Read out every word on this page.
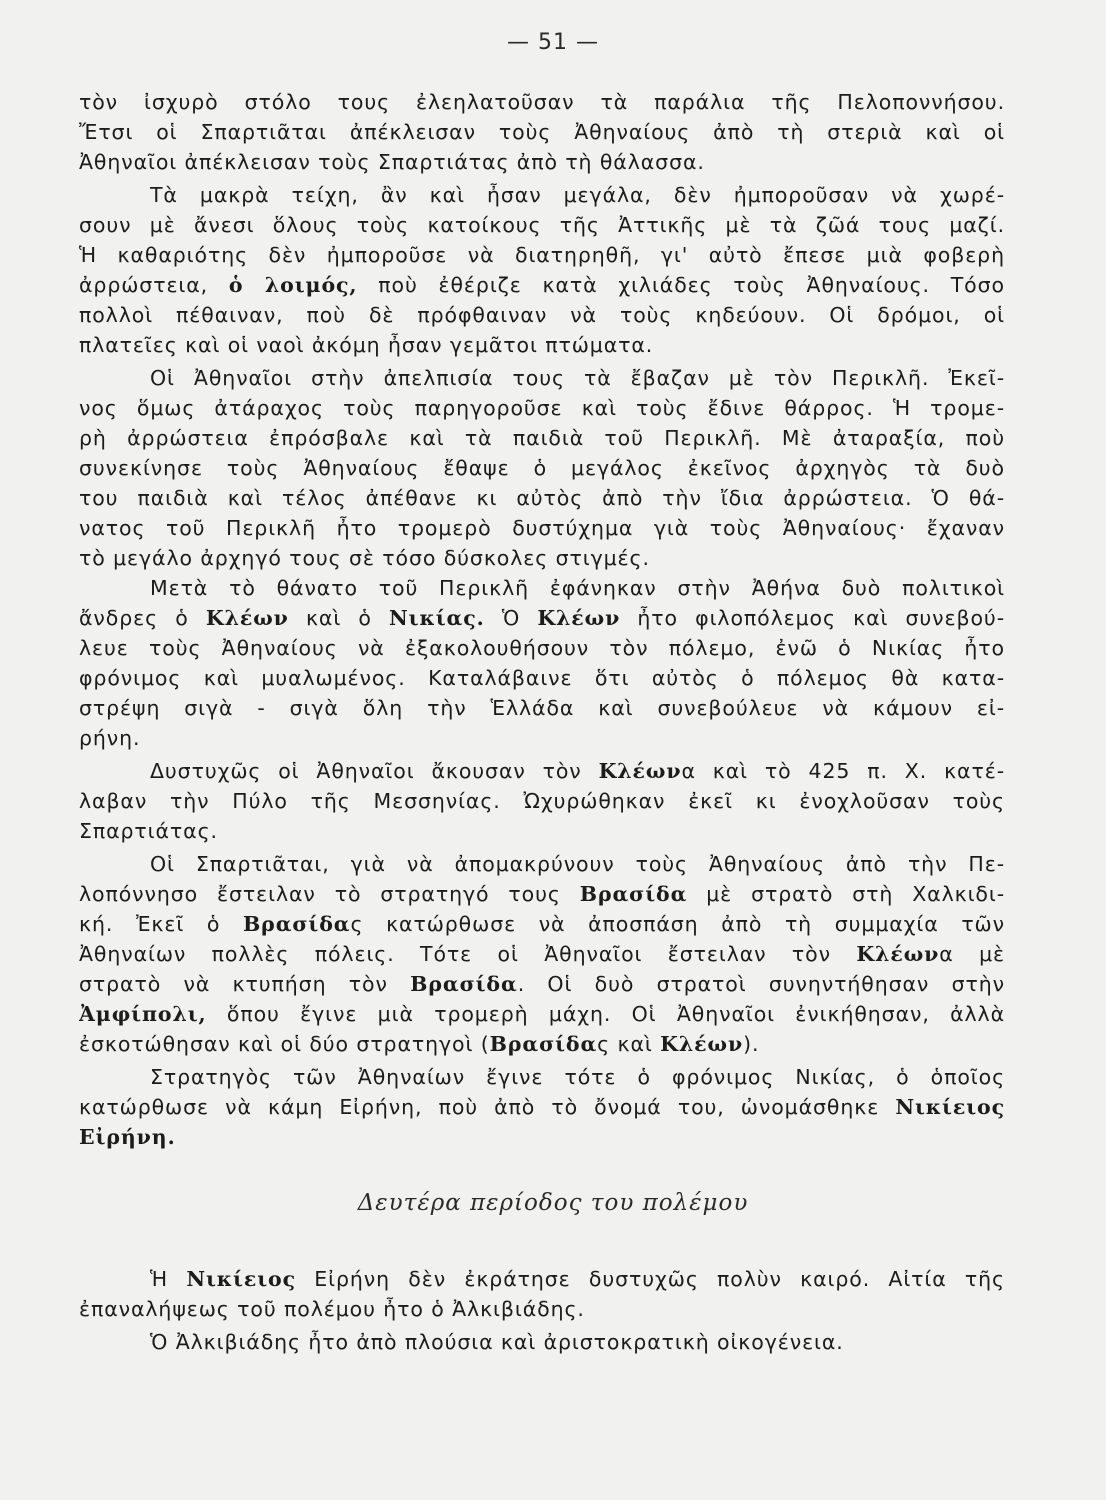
— 51 —
τὸν ἰσχυρὸ στόλο τους ἐλεηλατοῦσαν τὰ παράλια τῆς Πελοποννήσου.
Ἔτσι οἱ Σπαρτιᾶται ἀπέκλεισαν τοὺς Ἀθηναίους ἀπὸ τὴ στεριὰ καὶ οἱ
Ἀθηναῖοι ἀπέκλεισαν τοὺς Σπαρτιάτας ἀπὸ τὴ θάλασσα.
Τὰ μακρὰ τείχη, ἂν καὶ ἦσαν μεγάλα, δὲν ἠμποροῦσαν νὰ χωρέ-
σουν μὲ ἄνεσι ὅλους τοὺς κατοίκους τῆς Ἀττικῆς μὲ τὰ ζῶά τους μαζί.
Ἡ καθαριότης δὲν ἠμποροῦσε νὰ διατηρηθῆ, γι' αὐτὸ ἔπεσε μιὰ φοβερὴ
ἀρρώστεια, ὁ λοιμός, ποὺ ἐθέριζε κατὰ χιλιάδες τοὺς Ἀθηναίους. Τόσο
πολλοὶ πέθαιναν, ποὺ δὲ πρόφθαιναν νὰ τοὺς κηδεύουν. Οἱ δρόμοι, οἱ
πλατεῖες καὶ οἱ ναοὶ ἀκόμη ἦσαν γεμᾶτοι πτώματα.
Οἱ Ἀθηναῖοι στὴν ἀπελπισία τους τὰ ἔβαζαν μὲ τὸν Περικλῆ. Ἐκεῖ-
νος ὅμως ἀτάραχος τοὺς παρηγοροῦσε καὶ τοὺς ἔδινε θάρρος. Ἡ τρομε-
ρὴ ἀρρώστεια ἐπρόσβαλε καὶ τὰ παιδιὰ τοῦ Περικλῆ. Μὲ ἀταραξία, ποὺ
συνεκίνησε τοὺς Ἀθηναίους ἔθαψε ὁ μεγάλος ἐκεῖνος ἀρχηγὸς τὰ δυὸ
του παιδιὰ καὶ τέλος ἀπέθανε κι αὐτὸς ἀπὸ τὴν ἴδια ἀρρώστεια. Ὁ θά-
νατος τοῦ Περικλῆ ἦτο τρομερὸ δυστύχημα γιὰ τοὺς Ἀθηναίους· ἔχαναν
τὸ μεγάλο ἀρχηγό τους σὲ τόσο δύσκολες στιγμές.
Μετὰ τὸ θάνατο τοῦ Περικλῆ ἐφάνηκαν στὴν Ἀθήνα δυὸ πολιτικοὶ
ἄνδρες ὁ Κλέων καὶ ὁ Νικίας. Ὁ Κλέων ἦτο φιλοπόλεμος καὶ συνεβού-
λευε τοὺς Ἀθηναίους νὰ ἐξακολουθήσουν τὸν πόλεμο, ἐνῶ ὁ Νικίας ἦτο
φρόνιμος καὶ μυαλωμένος. Καταλάβαινε ὅτι αὐτὸς ὁ πόλεμος θὰ κατα-
στρέψη σιγὰ - σιγὰ ὅλη τὴν Ἑλλάδα καὶ συνεβούλευε νὰ κάμουν εἰ-
ρήνη.
Δυστυχῶς οἱ Ἀθηναῖοι ἄκουσαν τὸν Κλέωνα καὶ τὸ 425 π. Χ. κατέ-
λαβαν τὴν Πύλο τῆς Μεσσηνίας. Ὠχυρώθηκαν ἐκεῖ κι ἐνοχλοῦσαν τοὺς
Σπαρτιάτας.
Οἱ Σπαρτιᾶται, γιὰ νὰ ἀπομακρύνουν τοὺς Ἀθηναίους ἀπὸ τὴν Πε-
λοπόννησο ἔστειλαν τὸ στρατηγό τους Βρασίδα μὲ στρατὸ στὴ Χαλκιδι-
κή. Ἐκεῖ ὁ Βρασίδας κατώρθωσε νὰ ἀποσπάση ἀπὸ τὴ συμμαχία τῶν
Ἀθηναίων πολλὲς πόλεις. Τότε οἱ Ἀθηναῖοι ἔστειλαν τὸν Κλέωνα μὲ
στρατὸ νὰ κτυπήση τὸν Βρασίδα. Οἱ δυὸ στρατοὶ συνηντήθησαν στὴν
Ἀμφίπολι, ὅπου ἔγινε μιὰ τρομερὴ μάχη. Οἱ Ἀθηναῖοι ἐνικήθησαν, ἀλλὰ
ἐσκοτώθησαν καὶ οἱ δύο στρατηγοὶ (Βρασίδας καὶ Κλέων).
Στρατηγὸς τῶν Ἀθηναίων ἔγινε τότε ὁ φρόνιμος Νικίας, ὁ ὁποῖος
κατώρθωσε νὰ κάμη Εἰρήνη, ποὺ ἀπὸ τὸ ὄνομά του, ὠνομάσθηκε Νικίειος
Εἰρήνη.
Δευτέρα περίοδος του πολέμου
Ἡ Νικίειος Εἰρήνη δὲν ἐκράτησε δυστυχῶς πολὺν καιρό. Αἰτία τῆς
ἐπαναλήψεως τοῦ πολέμου ἦτο ὁ Ἀλκιβιάδης.
Ὁ Ἀλκιβιάδης ἦτο ἀπὸ πλούσια καὶ ἀριστοκρατικὴ οἰκογένεια.
